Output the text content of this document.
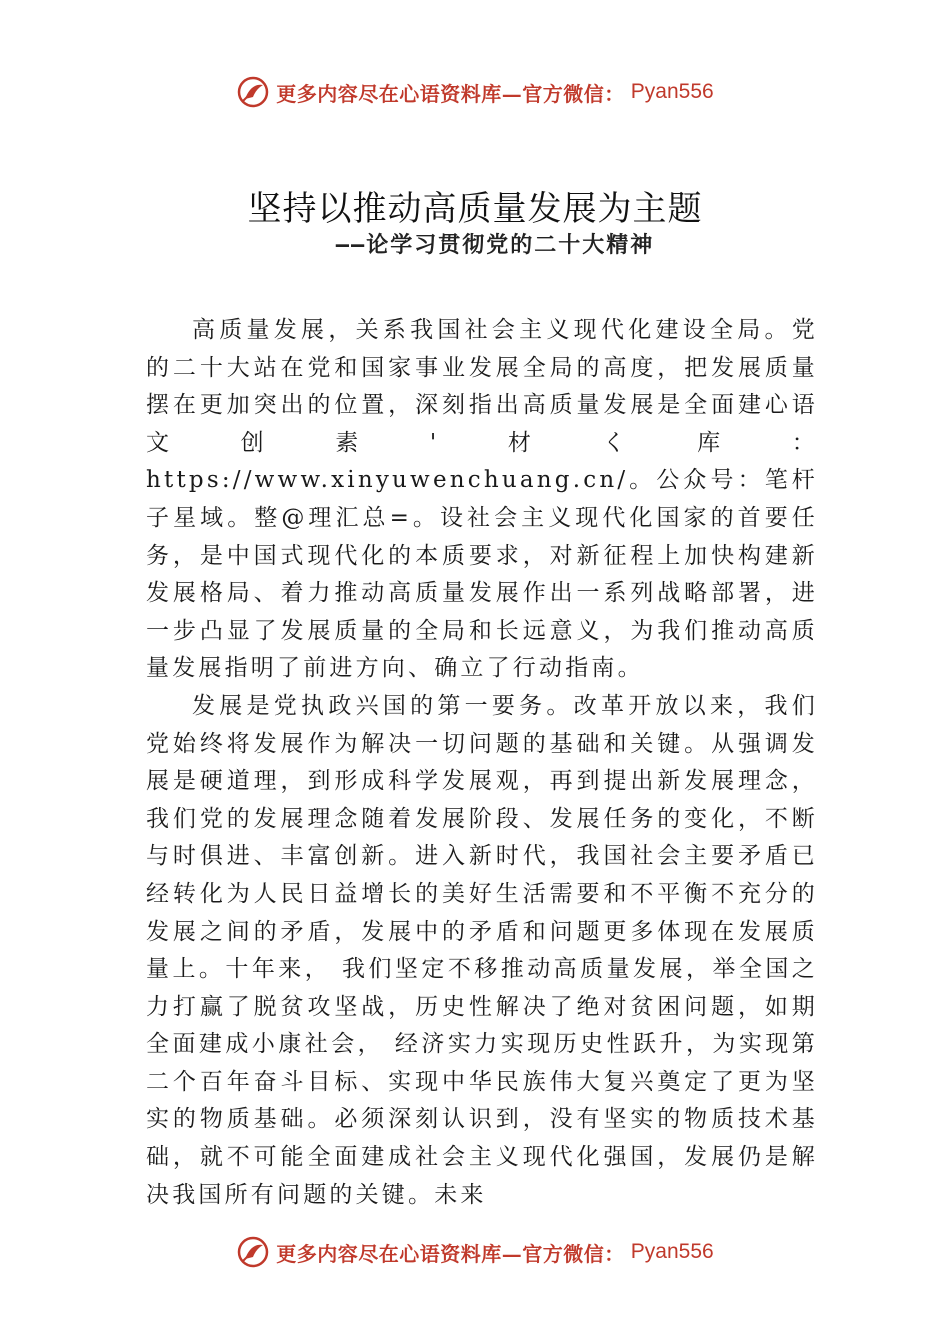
更多内容尽在心语资料库—官方微信： Pyan556
坚持以推动高质量发展为主题
——论学习贯彻党的二十大精神

高质量发展，关系我国社会主义现代化建设全局。党的二十大站在党和国家事业发展全局的高度，把发展质量摆在更加突出的位置，深刻指出高质量发展是全面建心语文创素'材く库：https://www.xinyuwenchuang.cn/。公众号：笔杆子星域。整@理汇总=。设社会主义现代化国家的首要任务，是中国式现代化的本质要求，对新征程上加快构建新发展格局、着力推动高质量发展作出一系列战略部署，进一步凸显了发展质量的全局和长远意义，为我们推动高质量发展指明了前进方向、确立了行动指南。

发展是党执政兴国的第一要务。改革开放以来，我们党始终将发展作为解决一切问题的基础和关键。从强调发展是硬道理，到形成科学发展观，再到提出新发展理念，我们党的发展理念随着发展阶段、发展任务的变化，不断与时俱进、丰富创新。进入新时代，我国社会主要矛盾已经转化为人民日益增长的美好生活需要和不平衡不充分的发展之间的矛盾，发展中的矛盾和问题更多体现在发展质量上。十年来， 我们坚定不移推动高质量发展，举全国之力打赢了脱贫攻坚战，历史性解决了绝对贫困问题，如期全面建成小康社会， 经济实力实现历史性跃升，为实现第二个百年奋斗目标、实现中华民族伟大复兴奠定了更为坚实的物质基础。必须深刻认识到，没有坚实的物质技术基础，就不可能全面建成社会主义现代化强国，发展仍是解决我国所有问题的关键。未来

更多内容尽在心语资料库—官方微信： Pyan556
